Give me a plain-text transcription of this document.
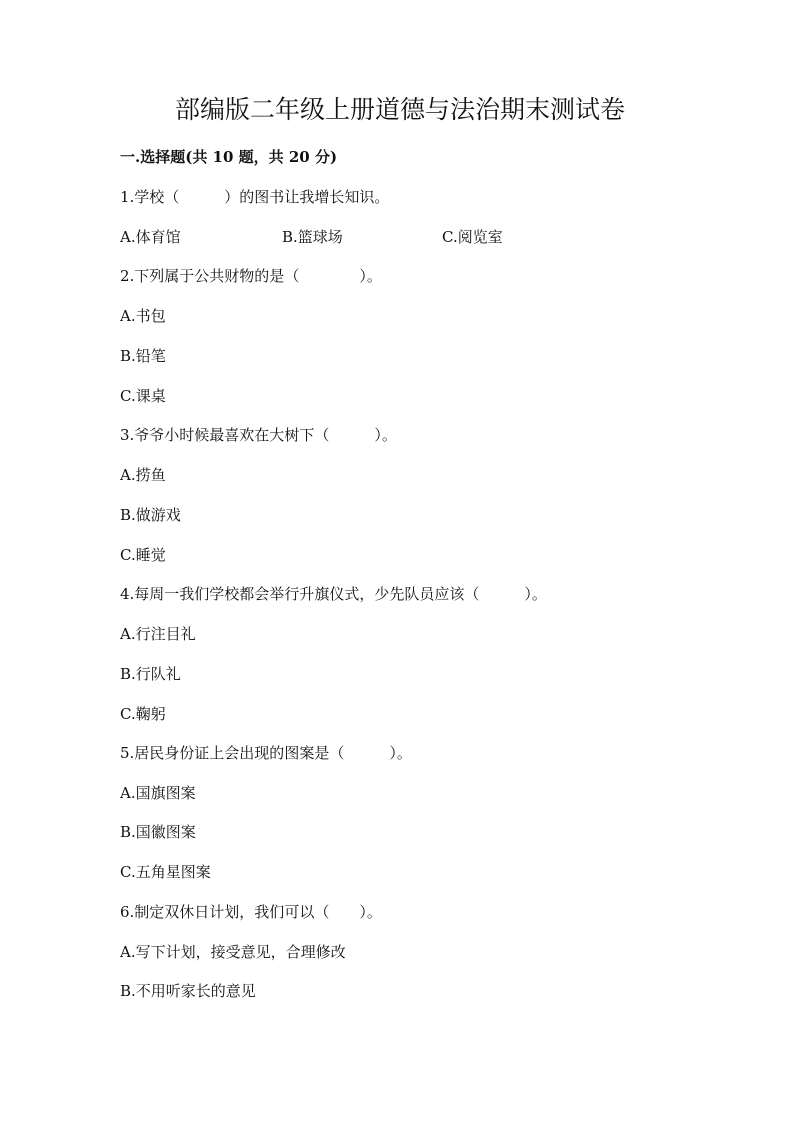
部编版二年级上册道德与法治期末测试卷
一.选择题(共 10 题，共 20 分)
1.学校（　　　）的图书让我增长知识。
A.体育馆	B.篮球场	C.阅览室
2.下列属于公共财物的是（　　　　）。
A.书包
B.铅笔
C.课桌
3.爷爷小时候最喜欢在大树下（　　　）。
A.捞鱼
B.做游戏
C.睡觉
4.每周一我们学校都会举行升旗仪式，少先队员应该（　　　）。
A.行注目礼
B.行队礼
C.鞠躬
5.居民身份证上会出现的图案是（　　　）。
A.国旗图案
B.国徽图案
C.五角星图案
6.制定双休日计划，我们可以（　　）。
A.写下计划，接受意见，合理修改
B.不用听家长的意见
